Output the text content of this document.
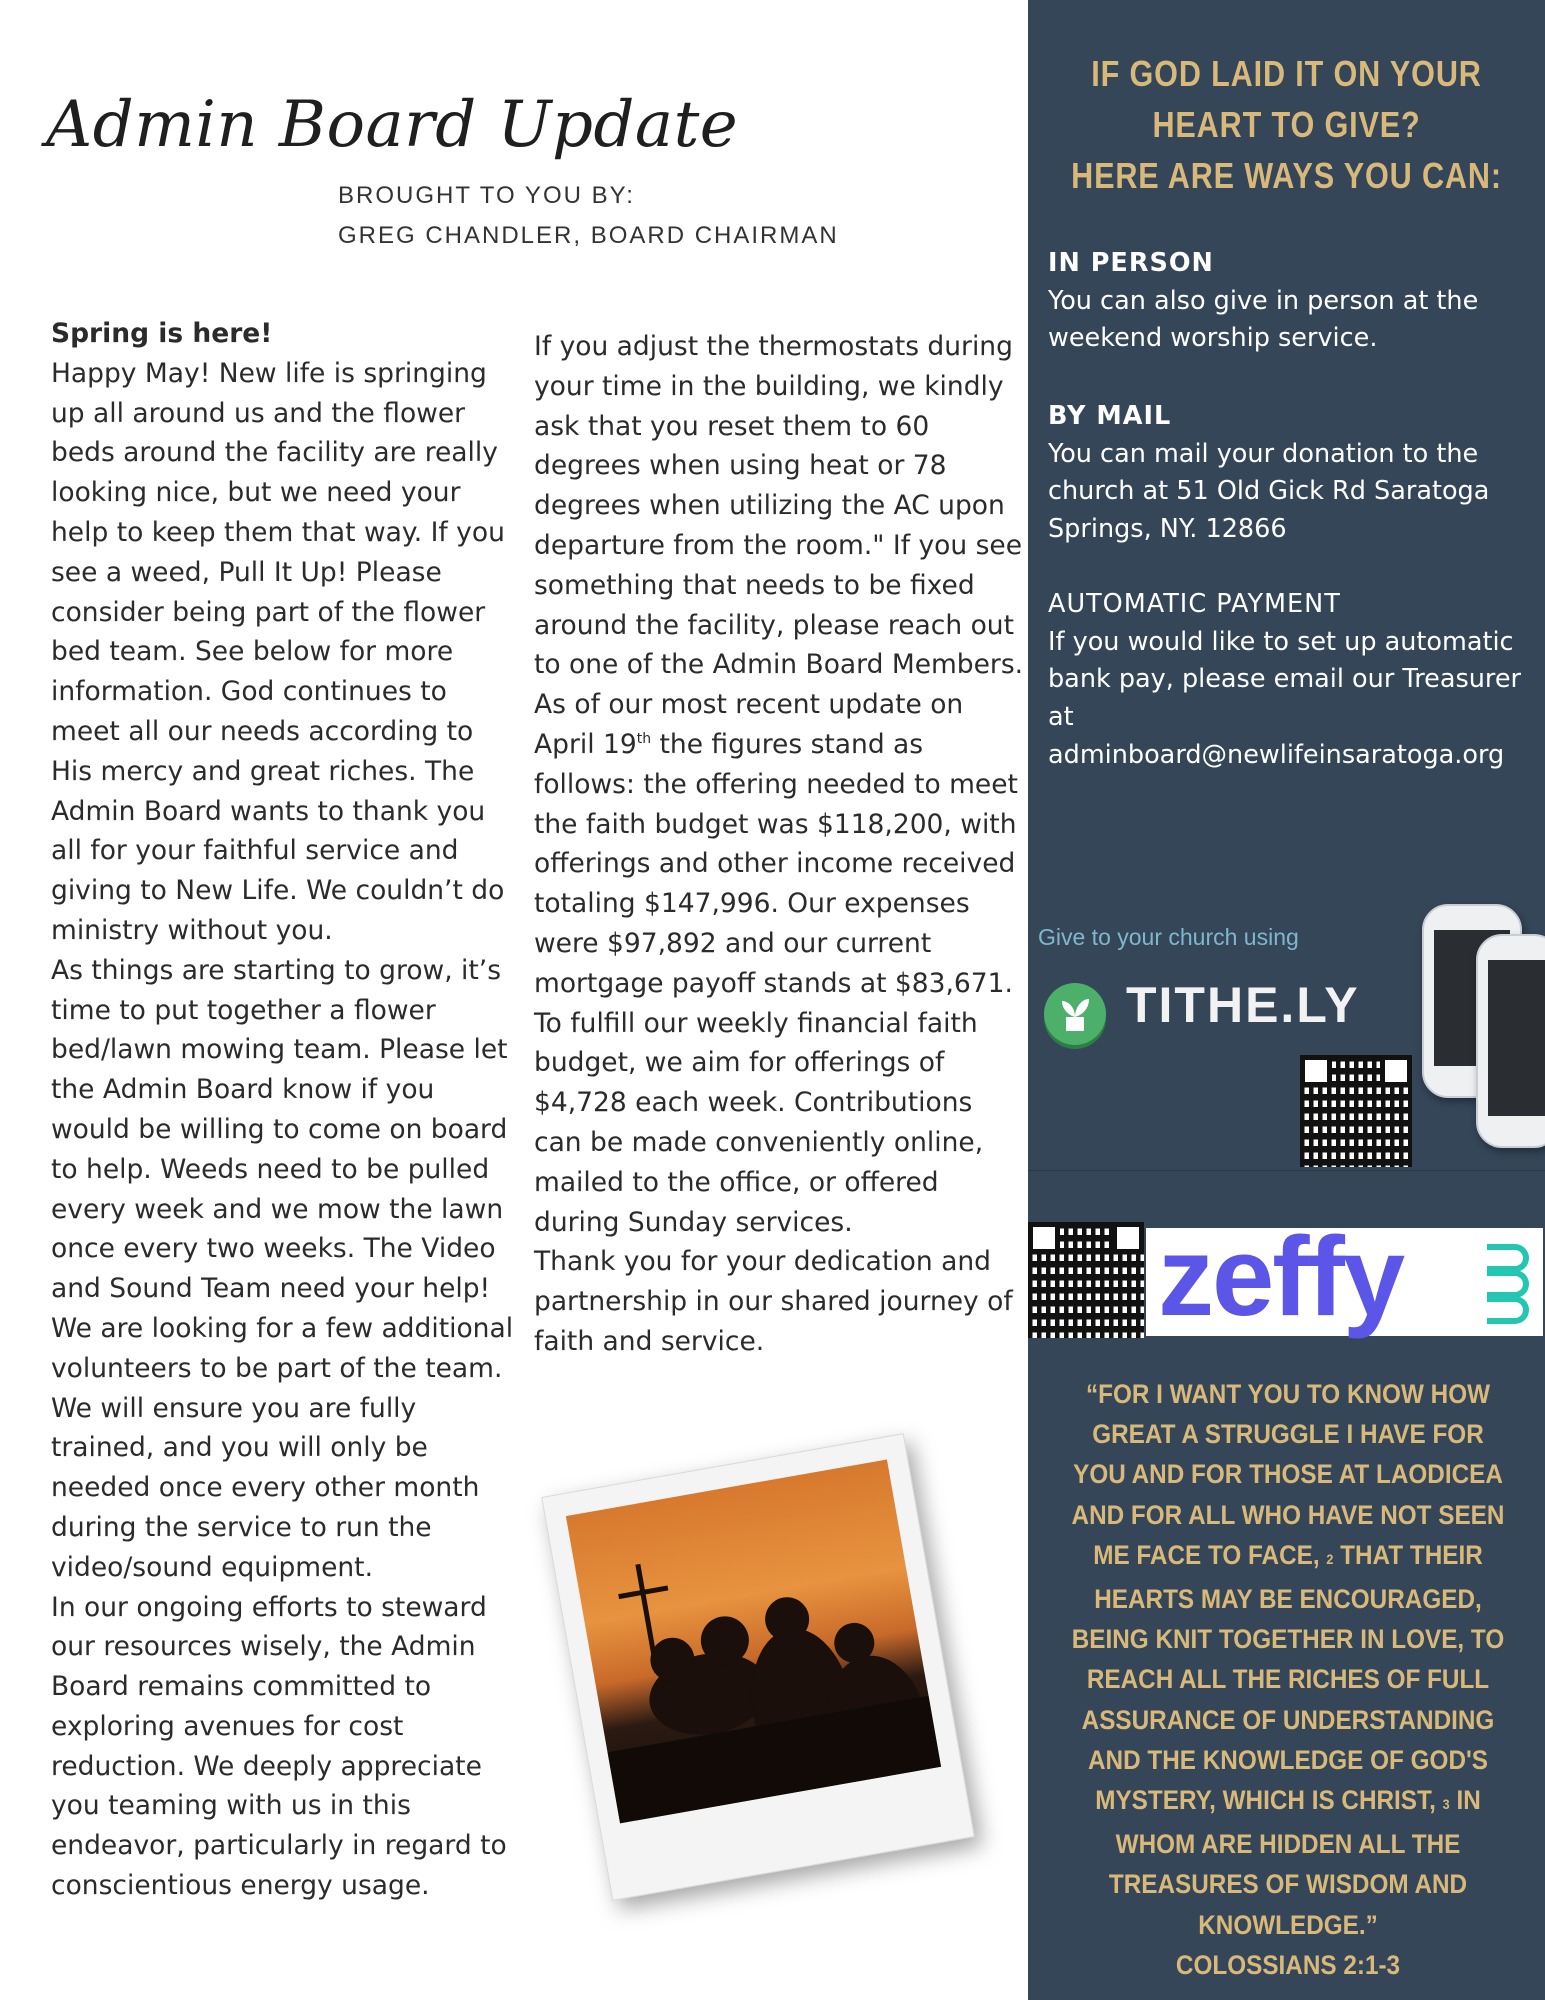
Admin Board Update
BROUGHT TO YOU BY:
GREG CHANDLER, BOARD CHAIRMAN

Spring is here!

Happy May! New life is springing up all around us and the flower beds around the facility are really looking nice, but we need your help to keep them that way. If you see a weed, Pull It Up! Please consider being part of the flower bed team. See below for more information. God continues to meet all our needs according to His mercy and great riches. The Admin Board wants to thank you all for your faithful service and giving to New Life. We couldn’t do ministry without you.

As things are starting to grow, it’s time to put together a flower bed/lawn mowing team. Please let the Admin Board know if you would be willing to come on board to help. Weeds need to be pulled every week and we mow the lawn once every two weeks. The Video and Sound Team need your help! We are looking for a few additional volunteers to be part of the team. We will ensure you are fully trained, and you will only be needed once every other month during the service to run the video/sound equipment.

In our ongoing efforts to steward our resources wisely, the Admin Board remains committed to exploring avenues for cost reduction. We deeply appreciate you teaming with us in this endeavor, particularly in regard to conscientious energy usage.

If you adjust the thermostats during your time in the building, we kindly ask that you reset them to 60 degrees when using heat or 78 degrees when utilizing the AC upon departure from the room." If you see something that needs to be fixed around the facility, please reach out to one of the Admin Board Members. As of our most recent update on April 19th the figures stand as follows: the offering needed to meet the faith budget was $118,200, with offerings and other income received totaling $147,996. Our expenses were $97,892 and our current mortgage payoff stands at $83,671. To fulfill our weekly financial faith budget, we aim for offerings of $4,728 each week. Contributions can be made conveniently online, mailed to the office, or offered during Sunday services.

Thank you for your dedication and partnership in our shared journey of faith and service.

IF GOD LAID IT ON YOUR
HEART TO GIVE?
HERE ARE WAYS YOU CAN:
IN PERSON
You can also give in person at the weekend worship service.
BY MAIL
You can mail your donation to the church at 51 Old Gick Rd Saratoga Springs, NY. 12866
AUTOMATIC PAYMENT
If you would like to set up automatic bank pay, please email our Treasurer at
adminboard@newlifeinsaratoga.org
Give to your church using
TITHE.LY
zeffy
“FOR I WANT YOU TO KNOW HOW GREAT A STRUGGLE I HAVE FOR YOU AND FOR THOSE AT LAODICEA AND FOR ALL WHO HAVE NOT SEEN ME FACE TO FACE, 2 THAT THEIR HEARTS MAY BE ENCOURAGED, BEING KNIT TOGETHER IN LOVE, TO REACH ALL THE RICHES OF FULL ASSURANCE OF UNDERSTANDING AND THE KNOWLEDGE OF GOD'S MYSTERY, WHICH IS CHRIST, 3 IN WHOM ARE HIDDEN ALL THE TREASURES OF WISDOM AND KNOWLEDGE.”
COLOSSIANS 2:1-3
